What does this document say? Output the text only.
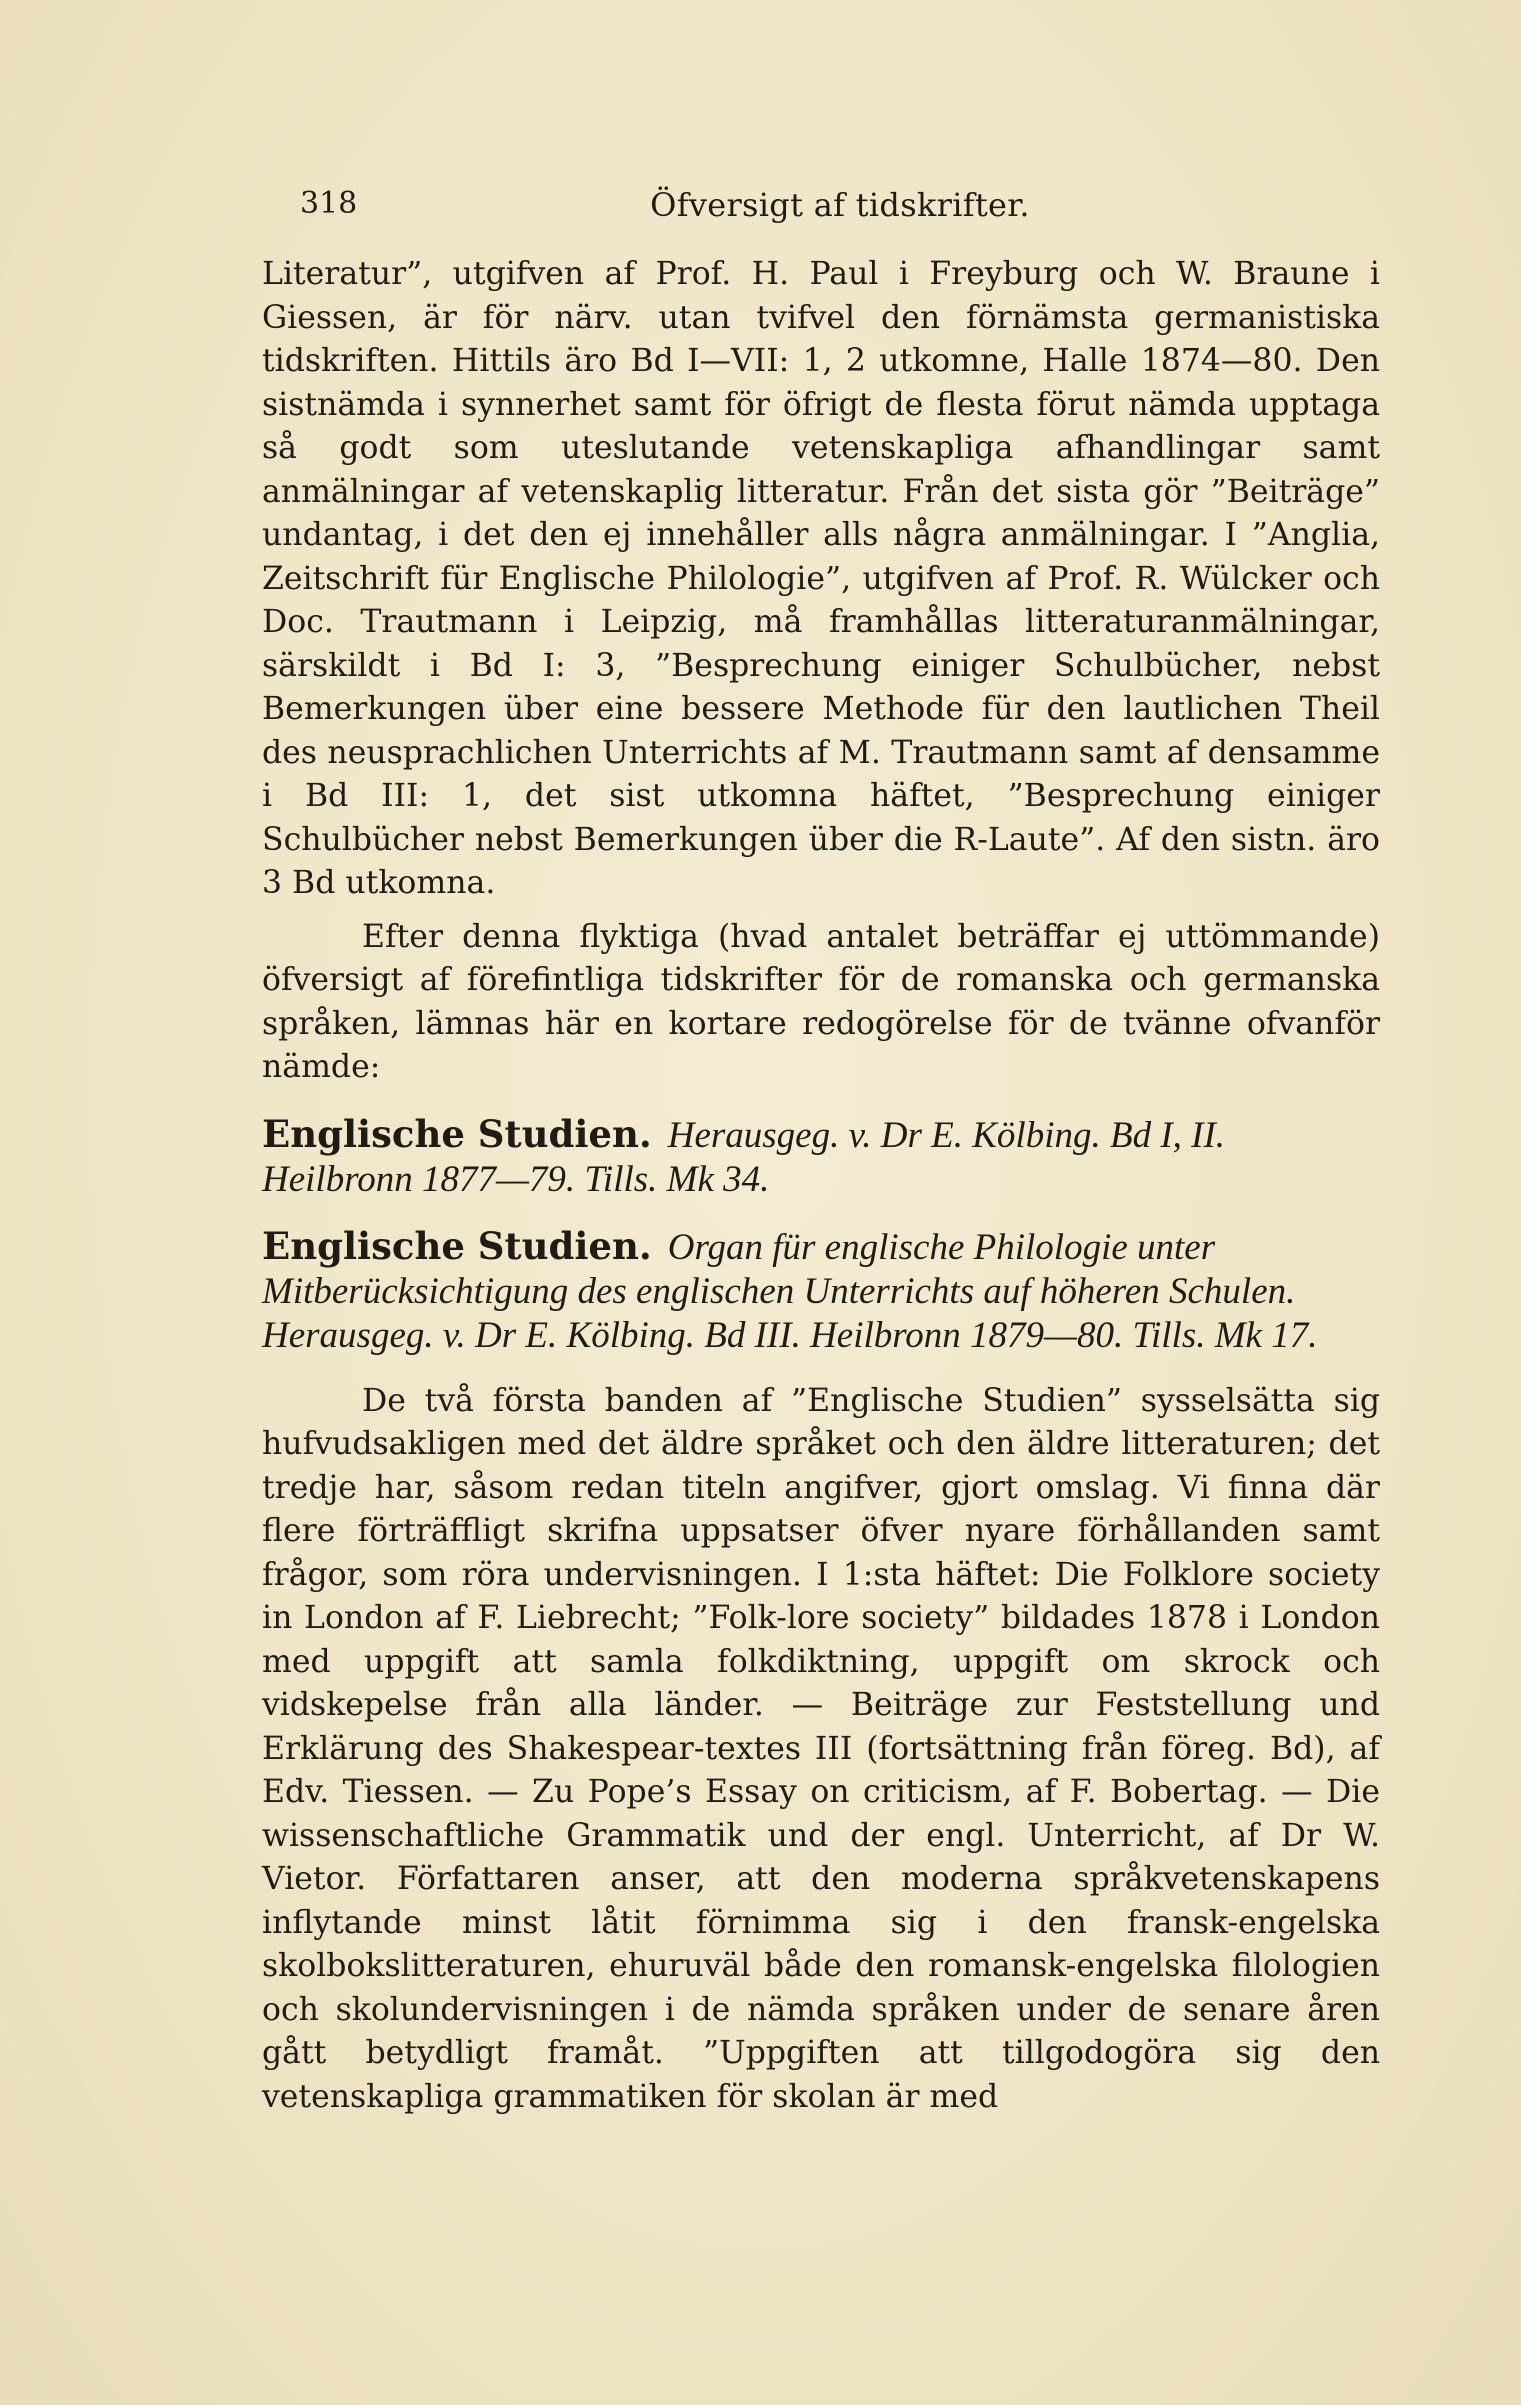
318	Öfversigt af tidskrifter.

Literatur”, utgifven af Prof. H. Paul i Freyburg och W. Braune i Giessen, är för närv. utan tvifvel den förnämsta germanistiska tidskriften. Hittils äro Bd I—VII: 1, 2 utkomne, Halle 1874—80. Den sistnämda i synnerhet samt för öfrigt de flesta förut nämda upptaga så godt som uteslutande vetenskapliga afhandlingar samt anmälningar af vetenskaplig litteratur. Från det sista gör ”Beiträge” undantag, i det den ej innehåller alls några anmälningar. I ”Anglia, Zeitschrift für Englische Philologie”, utgifven af Prof. R. Wülcker och Doc. Trautmann i Leipzig, må framhållas litteraturanmälningar, särskildt i Bd I: 3, ”Besprechung einiger Schulbücher, nebst Bemerkungen über eine bessere Methode für den lautlichen Theil des neusprachlichen Unterrichts af M. Trautmann samt af densamme i Bd III: 1, det sist utkomna häftet, ”Besprechung einiger Schulbücher nebst Bemerkungen über die R-Laute”. Af den sistn. äro 3 Bd utkomna.

Efter denna flyktiga (hvad antalet beträffar ej uttömmande) öfversigt af förefintliga tidskrifter för de romanska och germanska språken, lämnas här en kortare redogörelse för de tvänne ofvanför nämde:

Englische Studien. Herausgeg. v. Dr E. Kölbing. Bd I, II. Heilbronn 1877—79. Tills. Mk 34.

Englische Studien. Organ für englische Philologie unter Mitberücksichtigung des englischen Unterrichts auf höheren Schulen. Herausgeg. v. Dr E. Kölbing. Bd III. Heilbronn 1879—80. Tills. Mk 17.

De två första banden af ”Englische Studien” sysselsätta sig hufvudsakligen med det äldre språket och den äldre litteraturen; det tredje har, såsom redan titeln angifver, gjort omslag. Vi finna där flere förträffligt skrifna uppsatser öfver nyare förhållanden samt frågor, som röra undervisningen. I 1:sta häftet: Die Folklore society in London af F. Liebrecht; ”Folk-lore society” bildades 1878 i London med uppgift att samla folkdiktning, uppgift om skrock och vidskepelse från alla länder. — Beiträge zur Feststellung und Erklärung des Shakespear-textes III (fortsättning från föreg. Bd), af Edv. Tiessen. — Zu Pope’s Essay on criticism, af F. Bobertag. — Die wissenschaftliche Grammatik und der engl. Unterricht, af Dr W. Vietor. Författaren anser, att den moderna språkvetenskapens inflytande minst låtit förnimma sig i den fransk-engelska skolbokslitteraturen, ehuruväl både den romansk-engelska filologien och skolundervisningen i de nämda språken under de senare åren gått betydligt framåt. ”Uppgiften att tillgodogöra sig den vetenskapliga grammatiken för skolan är med
